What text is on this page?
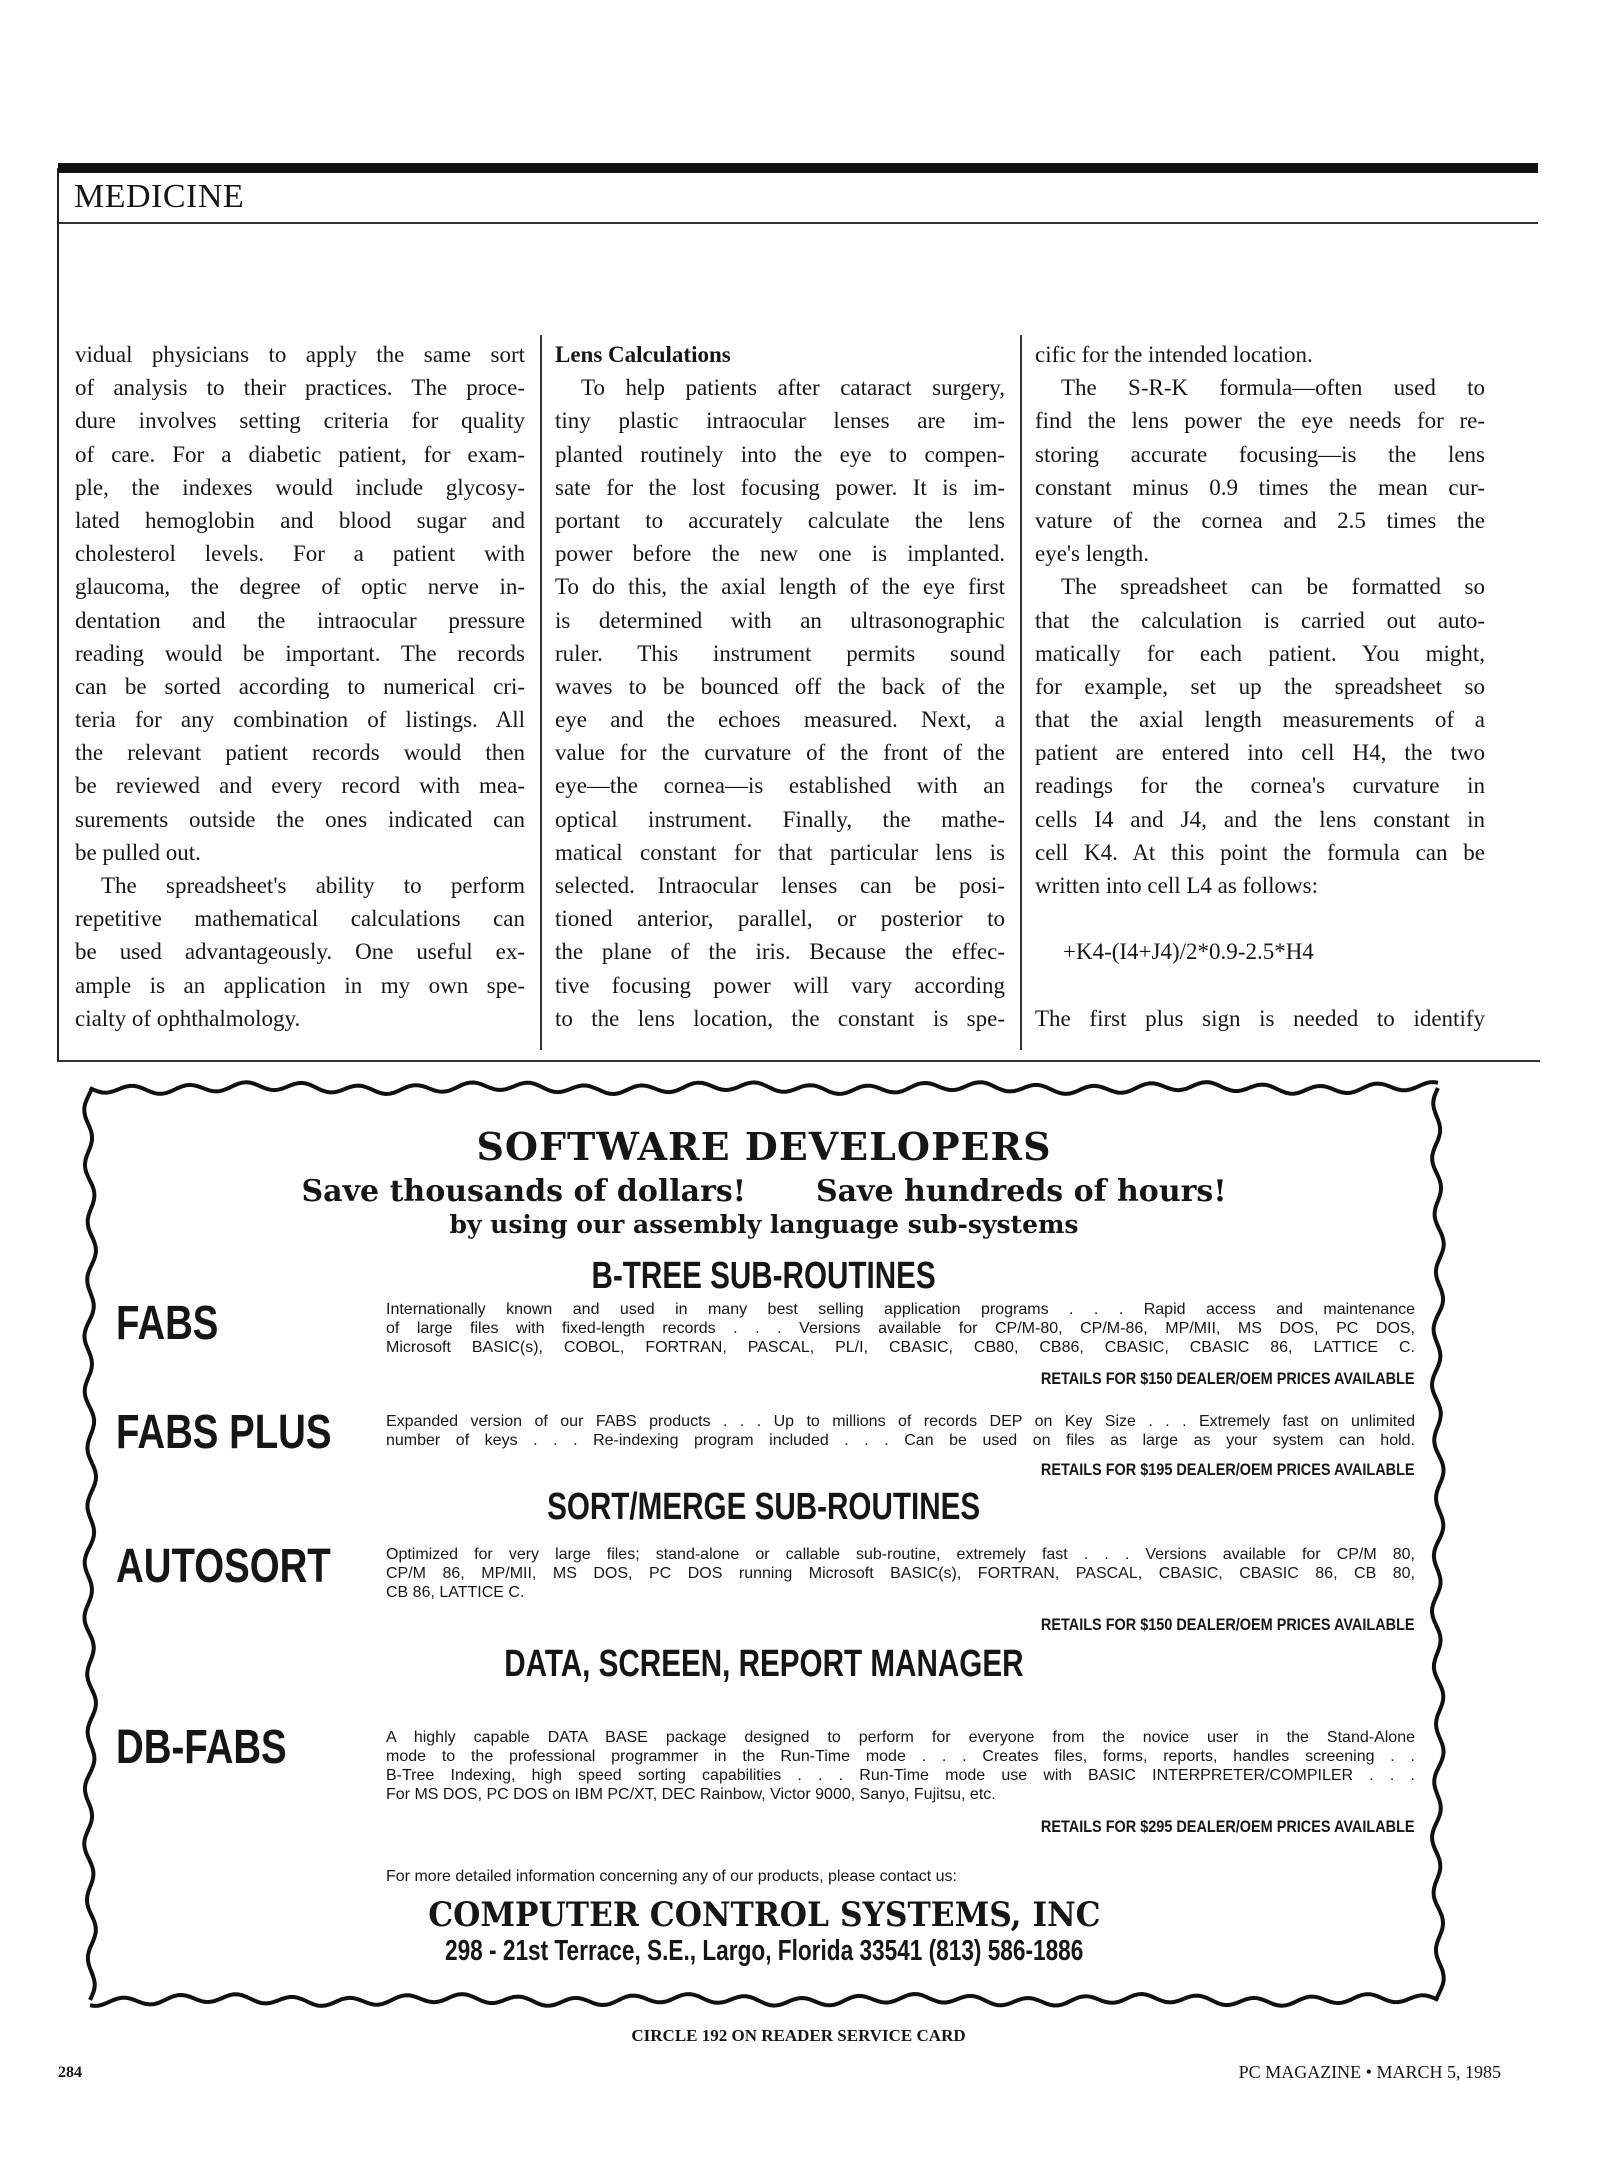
MEDICINE
vidual physicians to apply the same sort
of analysis to their practices. The proce-
dure involves setting criteria for quality
of care. For a diabetic patient, for exam-
ple, the indexes would include glycosy-
lated hemoglobin and blood sugar and
cholesterol levels. For a patient with
glaucoma, the degree of optic nerve in-
dentation and the intraocular pressure
reading would be important. The records
can be sorted according to numerical cri-
teria for any combination of listings. All
the relevant patient records would then
be reviewed and every record with mea-
surements outside the ones indicated can
be pulled out.
The spreadsheet's ability to perform
repetitive mathematical calculations can
be used advantageously. One useful ex-
ample is an application in my own spe-
cialty of ophthalmology.
Lens Calculations
To help patients after cataract surgery,
tiny plastic intraocular lenses are im-
planted routinely into the eye to compen-
sate for the lost focusing power. It is im-
portant to accurately calculate the lens
power before the new one is implanted.
To do this, the axial length of the eye first
is determined with an ultrasonographic
ruler. This instrument permits sound
waves to be bounced off the back of the
eye and the echoes measured. Next, a
value for the curvature of the front of the
eye—the cornea—is established with an
optical instrument. Finally, the mathe-
matical constant for that particular lens is
selected. Intraocular lenses can be posi-
tioned anterior, parallel, or posterior to
the plane of the iris. Because the effec-
tive focusing power will vary according
to the lens location, the constant is spe-
cific for the intended location.
The S-R-K formula—often used to
find the lens power the eye needs for re-
storing accurate focusing—is the lens
constant minus 0.9 times the mean cur-
vature of the cornea and 2.5 times the
eye's length.
The spreadsheet can be formatted so
that the calculation is carried out auto-
matically for each patient. You might,
for example, set up the spreadsheet so
that the axial length measurements of a
patient are entered into cell H4, the two
readings for the cornea's curvature in
cells I4 and J4, and the lens constant in
cell K4. At this point the formula can be
written into cell L4 as follows:
+K4-(I4+J4)/2*0.9-2.5*H4
The first plus sign is needed to identify
SOFTWARE DEVELOPERS
Save thousands of dollars! Save hundreds of hours!
by using our assembly language sub-systems
B-TREE SUB-ROUTINES
FABS	Internationally known and used in many best selling application programs . . . Rapid access and maintenance
of large files with fixed-length records . . . Versions available for CP/M-80, CP/M-86, MP/MII, MS DOS, PC DOS,
Microsoft BASIC(s), COBOL, FORTRAN, PASCAL, PL/I, CBASIC, CB80, CB86, CBASIC, CBASIC 86, LATTICE C.
RETAILS FOR $150 DEALER/OEM PRICES AVAILABLE
FABS PLUS	Expanded version of our FABS products . . . Up to millions of records DEP on Key Size . . . Extremely fast on unlimited
number of keys . . . Re-indexing program included . . . Can be used on files as large as your system can hold.
RETAILS FOR $195 DEALER/OEM PRICES AVAILABLE
SORT/MERGE SUB-ROUTINES
AUTOSORT	Optimized for very large files; stand-alone or callable sub-routine, extremely fast . . . Versions available for CP/M 80,
CP/M 86, MP/MII, MS DOS, PC DOS running Microsoft BASIC(s), FORTRAN, PASCAL, CBASIC, CBASIC 86, CB 80,
CB 86, LATTICE C.
RETAILS FOR $150 DEALER/OEM PRICES AVAILABLE
DATA, SCREEN, REPORT MANAGER
DB-FABS	A highly capable DATA BASE package designed to perform for everyone from the novice user in the Stand-Alone
mode to the professional programmer in the Run-Time mode . . . Creates files, forms, reports, handles screening . .
B-Tree Indexing, high speed sorting capabilities . . . Run-Time mode use with BASIC INTERPRETER/COMPILER . . .
For MS DOS, PC DOS on IBM PC/XT, DEC Rainbow, Victor 9000, Sanyo, Fujitsu, etc.
RETAILS FOR $295 DEALER/OEM PRICES AVAILABLE
For more detailed information concerning any of our products, please contact us:
COMPUTER CONTROL SYSTEMS, INC
298 - 21st Terrace, S.E., Largo, Florida 33541 (813) 586-1886
CIRCLE 192 ON READER SERVICE CARD
284	PC MAGAZINE • MARCH 5, 1985
